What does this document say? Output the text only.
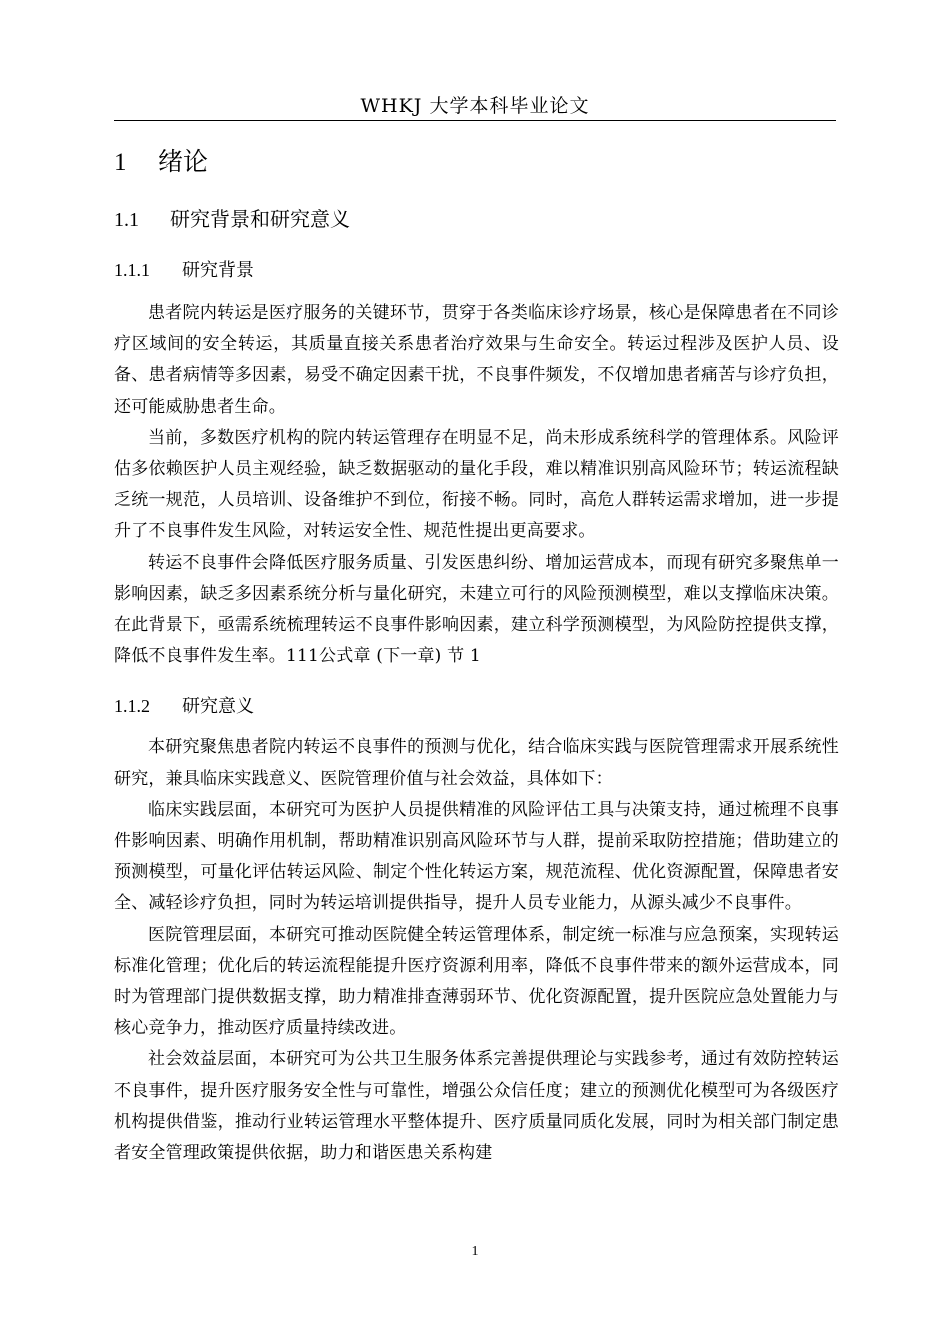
WHKJ 大学本科毕业论文
1 绪论
1.1 研究背景和研究意义
1.1.1 研究背景

患者院内转运是医疗服务的关键环节，贯穿于各类临床诊疗场景，核心是保障患者在不同诊疗区域间的安全转运，其质量直接关系患者治疗效果与生命安全。转运过程涉及医护人员、设备、患者病情等多因素，易受不确定因素干扰，不良事件频发，不仅增加患者痛苦与诊疗负担，还可能威胁患者生命。

当前，多数医疗机构的院内转运管理存在明显不足，尚未形成系统科学的管理体系。风险评估多依赖医护人员主观经验，缺乏数据驱动的量化手段，难以精准识别高风险环节；转运流程缺乏统一规范，人员培训、设备维护不到位，衔接不畅。同时，高危人群转运需求增加，进一步提升了不良事件发生风险，对转运安全性、规范性提出更高要求。

转运不良事件会降低医疗服务质量、引发医患纠纷、增加运营成本，而现有研究多聚焦单一影响因素，缺乏多因素系统分析与量化研究，未建立可行的风险预测模型，难以支撑临床决策。在此背景下，亟需系统梳理转运不良事件影响因素，建立科学预测模型，为风险防控提供支撑，降低不良事件发生率。111公式章 (下一章) 节 1

1.1.2 研究意义

本研究聚焦患者院内转运不良事件的预测与优化，结合临床实践与医院管理需求开展系统性研究，兼具临床实践意义、医院管理价值与社会效益，具体如下：

临床实践层面，本研究可为医护人员提供精准的风险评估工具与决策支持，通过梳理不良事件影响因素、明确作用机制，帮助精准识别高风险环节与人群，提前采取防控措施；借助建立的预测模型，可量化评估转运风险、制定个性化转运方案，规范流程、优化资源配置，保障患者安全、减轻诊疗负担，同时为转运培训提供指导，提升人员专业能力，从源头减少不良事件。

医院管理层面，本研究可推动医院健全转运管理体系，制定统一标准与应急预案，实现转运标准化管理；优化后的转运流程能提升医疗资源利用率，降低不良事件带来的额外运营成本，同时为管理部门提供数据支撑，助力精准排查薄弱环节、优化资源配置，提升医院应急处置能力与核心竞争力，推动医疗质量持续改进。

社会效益层面，本研究可为公共卫生服务体系完善提供理论与实践参考，通过有效防控转运不良事件，提升医疗服务安全性与可靠性，增强公众信任度；建立的预测优化模型可为各级医疗机构提供借鉴，推动行业转运管理水平整体提升、医疗质量同质化发展，同时为相关部门制定患者安全管理政策提供依据，助力和谐医患关系构建

1
